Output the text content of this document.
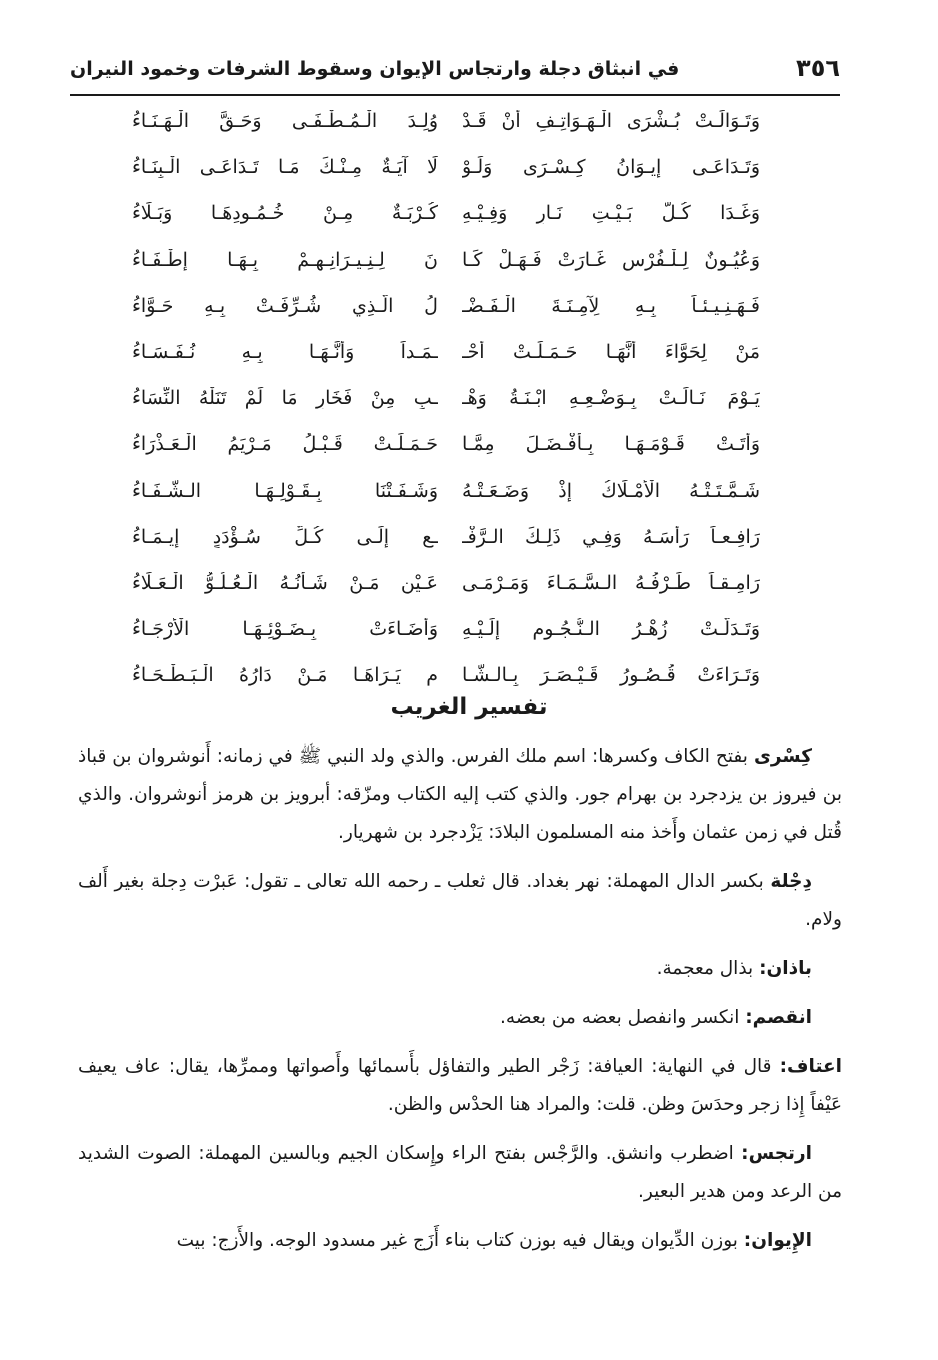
٣٥٦
في انبثاق دجلة وارتجاس الإيوان وسقوط الشرفات وخمود النيران
وَتَـوَالَـتْ بُـشْرَى الْـهَـوَاتِـفِ أَنْ قَـدْ
وُلِـدَ الْـمُـطْـفَـى وَحَـقَّ الْـهَـنَـاءُ
وَتَـدَاعَـى إِيـوَانُ كِـسْـرَى وَلَـوْ
لَا آيَـةٌ مِـنْـكَ مَـا تَـدَاعَـى الْـبِنَـاءُ
وَغَـدَا كُـلُّ بَـيْـتِ نَـارٍ وَفِـيْـهِ
كُـرْبَـةٌ مِـنْ خُـمُـودِهَـا وَبَـلَاءُ
وَعُيُـونٌ لِـلْـفُرْسِ غَـارَتْ فَـهَـلْ كَـا
نَ لِـنِـيـرَانِـهِـمْ بِـهَـا إِطْـفَـاءُ
فَـهَـنِـيـئـاً بِـهِ لِآمِـنَـةَ الْـفَـضْـ
لُ الَّـذِي شُـرِّفَـتْ بِـهِ حَـوَّاءُ
مَنْ لِحَوَّاءَ أَنَّهَـا حَـمَـلَـتْ أَحْـ
ـمَـداً وَأَنَّـهَـا بِـهِ نُـفَـسَـاءُ
يَـوْمَ نَـالَـتْ بِـوَضْـعِـهِ ابْـنَـةُ وَهْـ
ـبٍ مِنْ فَخَارٍ مَا لَمْ تَنَلْهُ النِّسَاءُ
وَأَتَـتْ قَـوْمَـهَـا بِـأَفْـضَـلَ مِمَّـا
حَـمَـلَـتْ قَـبْـلُ مَـرْيَمُ الْـعَـذْرَاءُ
شَـمَّـتَـتْـهُ الْأَمْـلَاكُ إِذْ وَضَـعَـتْـهُ
وَشَـفَـتْنَا بِـقَـوْلِـهَـا الـشُّـفَـاءُ
رَافِـعـاً رَأْسَـهُ وَفِـي ذَلِـكَ الـرَّفْـ
ـعِ إِلَـى كُـلِّ سُـؤْدَدٍ إِيـمَـاءُ
رَامِـقـاً طَـرْفُـهُ الـسَّـمَـاءَ وَمَـرْمَـى
عَـيْنِ مَـنْ شَـأْنُـهُ الْـعُـلُـوُّ الْـعَـلَاءُ
وَتَـدَلَّـتْ زُهْـرُ الـنُّـجُـومِ إِلَـيْـهِ
وَأَضَـاءَتْ بِـضَـوْئِـهَـا الْأَرْجَـاءُ
وَتَـرَاءَتْ قُـصُـورُ قَـيْـصَـرَ بِـالـشَّـا
مِ يَـرَاهَـا مَـنْ دَارُهُ الْـبَـطْـحَـاءُ
تفسير الغريب

كِسْرى بفتح الكاف وكسرها: اسم ملك الفرس. والذي ولد النبي ﷺ في زمانه: أَنوشروان بن قباذ بن فيروز بن يزدجرد بن بهرام جور. والذي كتب إليه الكتاب ومزّقه: أبرويز بن هرمز أنوشروان. والذي قُتل في زمن عثمان وأَخذ منه المسلمون البلادَ: يَزْدجرد بن شهريار.

دِجْلة بكسر الدال المهملة: نهر بغداد. قال ثعلب ـ رحمه الله تعالى ـ تقول: عَبرْت دِجلة بغير أَلف ولام.

باذان: بذال معجمة.

انقصم: انكسر وانفصل بعضه من بعضه.

اعتاف: قال في النهاية: العيافة: زَجْر الطير والتفاؤل بأَسمائها وأَصواتها وممرِّها، يقال: عاف يعيف عَيْفاً إِذا زجر وحدَسَ وظن. قلت: والمراد هنا الحدْس والظن.

ارتجس: اضطرب وانشق. والرَّجْس بفتح الراء وإِسكان الجيم وبالسين المهملة: الصوت الشديد من الرعد ومن هدير البعير.

الإِيوان: بوزن الدِّيوان ويقال فيه بوزن كتاب بناء أَزَج غير مسدود الوجه. والأَزج: بيت
